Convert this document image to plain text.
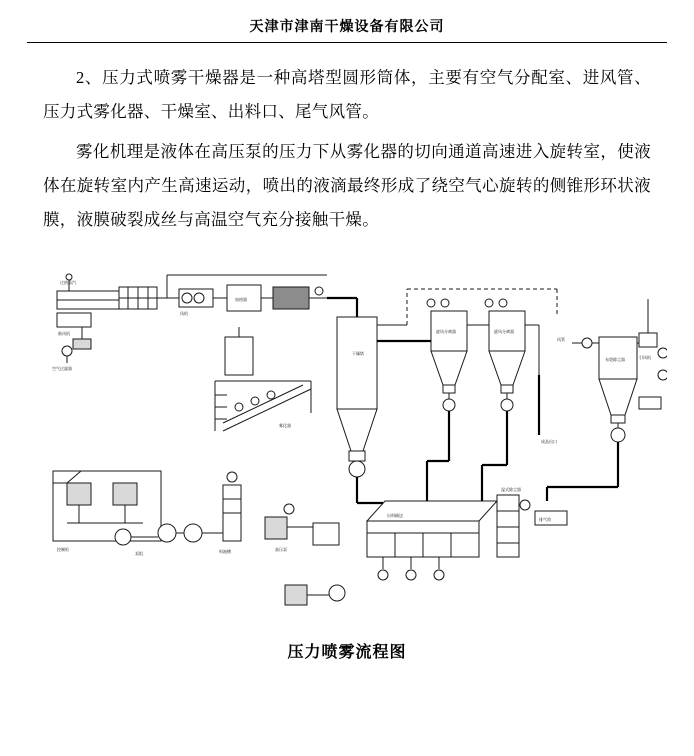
天津市津南干燥设备有限公司

2、压力式喷雾干燥器是一种高塔型圆形筒体，主要有空气分配室、进风管、压力式雾化器、干燥室、出料口、尾气风管。

雾化机理是液体在高压泵的压力下从雾化器的切向通道高速进入旋转室，使液体在旋转室内产生高速运动，喷出的液滴最终形成了绕空气心旋转的侧锥形环状液膜，液膜破裂成丝与高温空气充分接触干燥。

过热蒸汽
鼓风机
空气过滤器
风机
加热器
干燥塔
旋风分离器	旋风分离器
布袋除尘器	引风机
风管
雾化器
控制柜
泵组	料液槽	高压泵
出料输送
湿式除尘器
排气筒
成品出口
压力喷雾流程图
